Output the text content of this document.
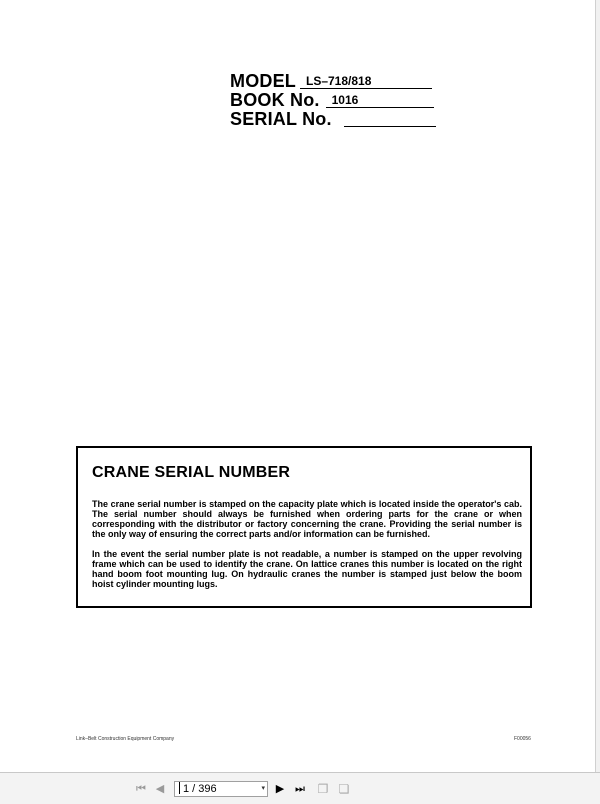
MODEL LS–718/818
BOOK No.	1016
SERIAL No.
CRANE SERIAL NUMBER

The crane serial number is stamped on the capacity plate which is located inside the operator's cab. The serial number should always be furnished when ordering parts for the crane or when corresponding with the distributor or factory concerning the crane. Providing the serial number is the only way of ensuring the correct parts and/or information can be furnished.

In the event the serial number plate is not readable, a number is stamped on the upper revolving frame which can be used to identify the crane. On lattice cranes this number is located on the right hand boom foot mounting lug. On hydraulic cranes the number is stamped just below the boom hoist cylinder mounting lugs.

Link–Belt Construction Equipment Company	F00056
⏮ ◀	▶ ⏭ ❐ ❏
1 / 396	▾
